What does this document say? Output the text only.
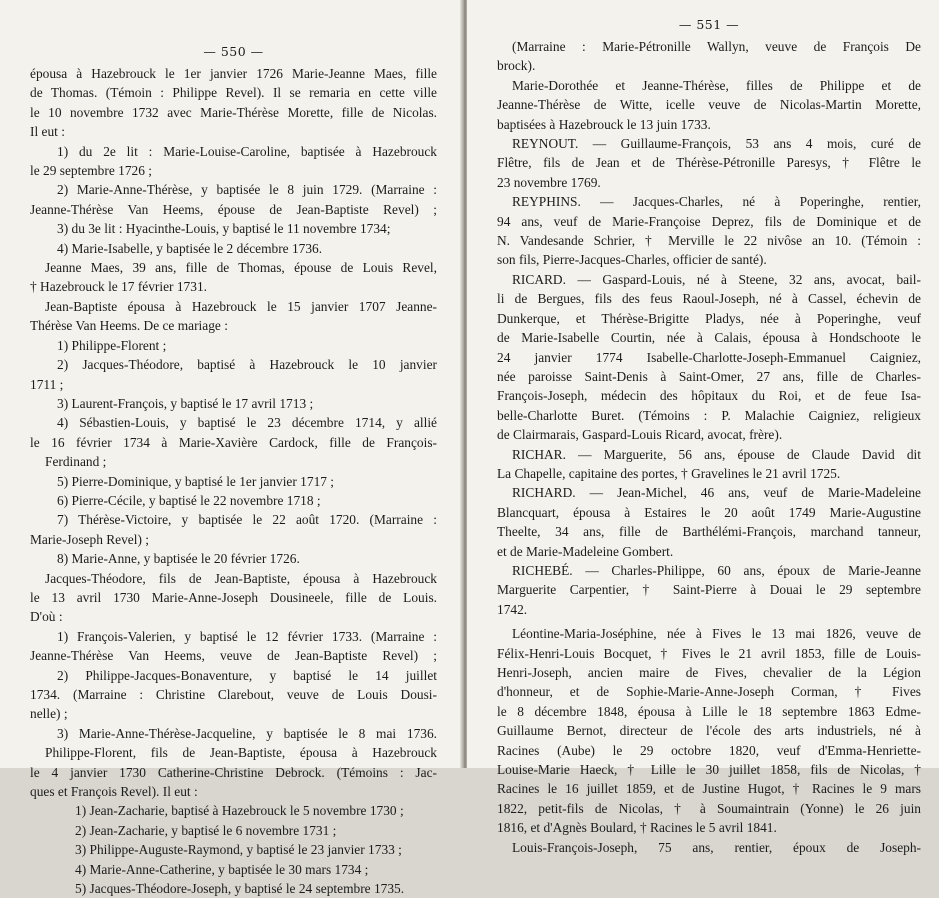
— 550 —
épousa à Hazebrouck le 1er janvier 1726 Marie-Jeanne Maes, fille
de Thomas. (Témoin : Philippe Revel). Il se remaria en cette ville
le 10 novembre 1732 avec Marie-Thérèse Morette, fille de Nicolas.
Il eut :
1) du 2e lit : Marie-Louise-Caroline, baptisée à Hazebrouck
le 29 septembre 1726 ;
2) Marie-Anne-Thérèse, y baptisée le 8 juin 1729. (Marraine :
Jeanne-Thérèse Van Heems, épouse de Jean-Baptiste Revel) ;
3) du 3e lit : Hyacinthe-Louis, y baptisé le 11 novembre 1734;
4) Marie-Isabelle, y baptisée le 2 décembre 1736.
Jeanne Maes, 39 ans, fille de Thomas, épouse de Louis Revel,
† Hazebrouck le 17 février 1731.
Jean-Baptiste épousa à Hazebrouck le 15 janvier 1707 Jeanne-
Thérèse Van Heems. De ce mariage :
1) Philippe-Florent ;
2) Jacques-Théodore, baptisé à Hazebrouck le 10 janvier
1711 ;
3) Laurent-François, y baptisé le 17 avril 1713 ;
4) Sébastien-Louis, y baptisé le 23 décembre 1714, y allié
le 16 février 1734 à Marie-Xavière Cardock, fille de François-
Ferdinand ;
5) Pierre-Dominique, y baptisé le 1er janvier 1717 ;
6) Pierre-Cécile, y baptisé le 22 novembre 1718 ;
7) Thérèse-Victoire, y baptisée le 22 août 1720. (Marraine :
Marie-Joseph Revel) ;
8) Marie-Anne, y baptisée le 20 février 1726.
Jacques-Théodore, fils de Jean-Baptiste, épousa à Hazebrouck
le 13 avril 1730 Marie-Anne-Joseph Dousineele, fille de Louis.
D'où :
1) François-Valerien, y baptisé le 12 février 1733. (Marraine :
Jeanne-Thérèse Van Heems, veuve de Jean-Baptiste Revel) ;
2) Philippe-Jacques-Bonaventure, y baptisé le 14 juillet
1734. (Marraine : Christine Clarebout, veuve de Louis Dousi-
nelle) ;
3) Marie-Anne-Thérèse-Jacqueline, y baptisée le 8 mai 1736.
Philippe-Florent, fils de Jean-Baptiste, épousa à Hazebrouck
le 4 janvier 1730 Catherine-Christine Debrock. (Témoins : Jac-
ques et François Revel). Il eut :
1) Jean-Zacharie, baptisé à Hazebrouck le 5 novembre 1730 ;
2) Jean-Zacharie, y baptisé le 6 novembre 1731 ;
3) Philippe-Auguste-Raymond, y baptisé le 23 janvier 1733 ;
4) Marie-Anne-Catherine, y baptisée le 30 mars 1734 ;
5) Jacques-Théodore-Joseph, y baptisé le 24 septembre 1735.
— 551 —
(Marraine : Marie-Pétronille Wallyn, veuve de François De
brock).
Marie-Dorothée et Jeanne-Thérèse, filles de Philippe et de
Jeanne-Thérèse de Witte, icelle veuve de Nicolas-Martin Morette,
baptisées à Hazebrouck le 13 juin 1733.
REYNOUT. — Guillaume-François, 53 ans 4 mois, curé de
Flêtre, fils de Jean et de Thérèse-Pétronille Paresys, † Flêtre le
23 novembre 1769.
REYPHINS. — Jacques-Charles, né à Poperinghe, rentier,
94 ans, veuf de Marie-Françoise Deprez, fils de Dominique et de
N. Vandesande Schrier, † Merville le 22 nivôse an 10. (Témoin :
son fils, Pierre-Jacques-Charles, officier de santé).
RICARD. — Gaspard-Louis, né à Steene, 32 ans, avocat, bail-
li de Bergues, fils des feus Raoul-Joseph, né à Cassel, échevin de
Dunkerque, et Thérèse-Brigitte Pladys, née à Poperinghe, veuf
de Marie-Isabelle Courtin, née à Calais, épousa à Hondschoote le
24 janvier 1774 Isabelle-Charlotte-Joseph-Emmanuel Caigniez,
née paroisse Saint-Denis à Saint-Omer, 27 ans, fille de Charles-
François-Joseph, médecin des hôpitaux du Roi, et de feue Isa-
belle-Charlotte Buret. (Témoins : P. Malachie Caigniez, religieux
de Clairmarais, Gaspard-Louis Ricard, avocat, frère).
RICHAR. — Marguerite, 56 ans, épouse de Claude David dit
La Chapelle, capitaine des portes, † Gravelines le 21 avril 1725.
RICHARD. — Jean-Michel, 46 ans, veuf de Marie-Madeleine
Blancquart, épousa à Estaires le 20 août 1749 Marie-Augustine
Theelte, 34 ans, fille de Barthélémi-François, marchand tanneur,
et de Marie-Madeleine Gombert.
RICHEBÉ. — Charles-Philippe, 60 ans, époux de Marie-Jeanne
Marguerite Carpentier, † Saint-Pierre à Douai le 29 septembre
1742.
Léontine-Maria-Joséphine, née à Fives le 13 mai 1826, veuve de
Félix-Henri-Louis Bocquet, † Fives le 21 avril 1853, fille de Louis-
Henri-Joseph, ancien maire de Fives, chevalier de la Légion
d'honneur, et de Sophie-Marie-Anne-Joseph Corman, † Fives
le 8 décembre 1848, épousa à Lille le 18 septembre 1863 Edme-
Guillaume Bernot, directeur de l'école des arts industriels, né à
Racines (Aube) le 29 octobre 1820, veuf d'Emma-Henriette-
Louise-Marie Haeck, † Lille le 30 juillet 1858, fils de Nicolas, †
Racines le 16 juillet 1859, et de Justine Hugot, † Racines le 9 mars
1822, petit-fils de Nicolas, † à Soumaintrain (Yonne) le 26 juin
1816, et d'Agnès Boulard, † Racines le 5 avril 1841.
Louis-François-Joseph, 75 ans, rentier, époux de Joseph-
